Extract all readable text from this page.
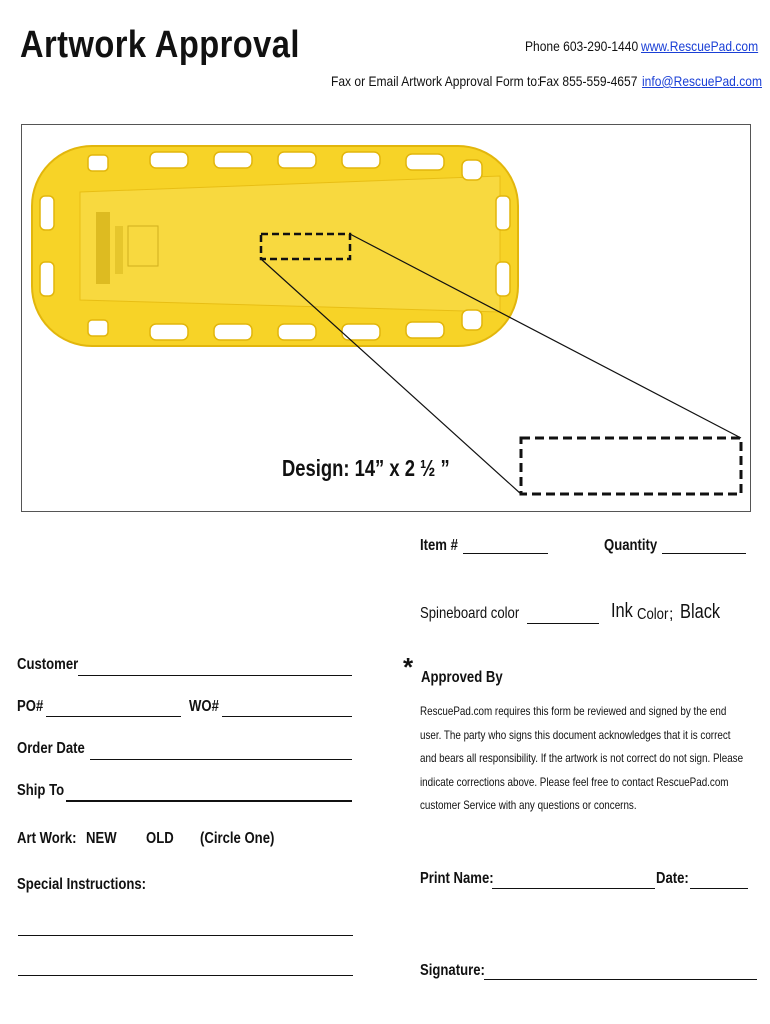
Artwork Approval	Phone 603-290-1440 www.RescuePad.com
Fax or Email Artwork Approval Form to:
Fax 855-559-4657 info@RescuePad.com
Design: 14” x 2 ½ ”
Item #	Quantity
Spineboard color	Ink Color ; Black
Customer
PO#	WO#
Order Date
Ship To
Art Work: NEW OLD (Circle One)
Special Instructions:
* Approved By
RescuePad.com requires this form be reviewed and signed by the end user. The party who signs this document acknowledges that it is correct and bears all responsibility. If the artwork is not correct do not sign. Please indicate corrections above. Please feel free to contact RescuePad.com customer Service with any questions or concerns.
Print Name:	Date:
Signature:
